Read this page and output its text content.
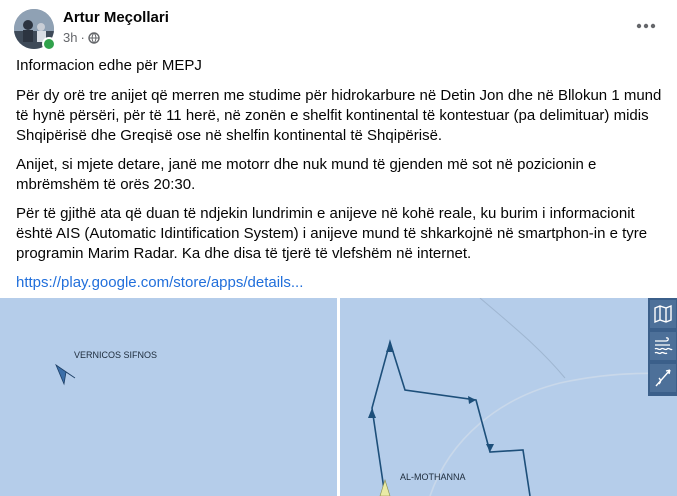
Artur Meçollari
3h ·

Informacion edhe për MEPJ

Për dy orë tre anijet që merren me studime për hidrokarbure në Detin Jon dhe në Bllokun 1 mund të hynë përsëri, për të 11 herë, në zonën e shelfit kontinental të kontestuar (pa delimituar) midis Shqipërisë dhe Greqisë ose në shelfin kontinental të Shqipërisë.

Anijet, si mjete detare, janë me motorr dhe nuk mund të gjenden më sot në pozicionin e mbrëmshëm të orës 20:30.

Për të gjithë ata që duan të ndjekin lundrimin e anijeve në kohë reale, ku burim i informacionit është AIS (Automatic Idintification System) i anijeve mund të shkarkojnë në smartphon-in e tyre programin Marim Radar. Ka dhe disa të tjerë të vlefshëm në internet.

https://play.google.com/store/apps/details...
VERNICOS SIFNOS
AL-MOTHANNA
